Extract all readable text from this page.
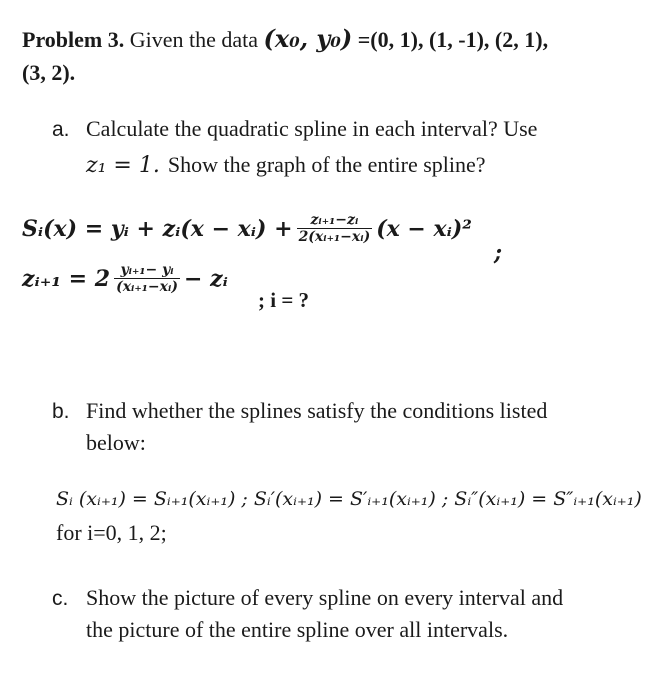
Problem 3. Given the data (x₀, y₀) =(0, 1), (1, -1), (2, 1),
(3, 2).
a. Calculate the quadratic spline in each interval? Use
z₁ = 1. Show the graph of the entire spline?
Sᵢ(x) = yᵢ + zᵢ(x − xᵢ) + $\frac{\text{zᵢ₊₁−zᵢ}}{\text{2(xᵢ₊₁−xᵢ)}} (x$ − xᵢ)²
;
zᵢ₊₁ = $2 \frac{\text{yᵢ₊₁− yᵢ}}{\text{(xᵢ₊₁−xᵢ)}}$ − zᵢ
; i = ?
b. Find whether the splines satisfy the conditions listed
below:
Sᵢ (xᵢ₊₁) = Sᵢ₊₁(xᵢ₊₁) ; Sᵢ′(xᵢ₊₁) = S′ᵢ₊₁(xᵢ₊₁) ; Sᵢ″(xᵢ₊₁) = S″ᵢ₊₁(xᵢ₊₁)
for i=0, 1, 2;
c. Show the picture of every spline on every interval and
the picture of the entire spline over all intervals.
